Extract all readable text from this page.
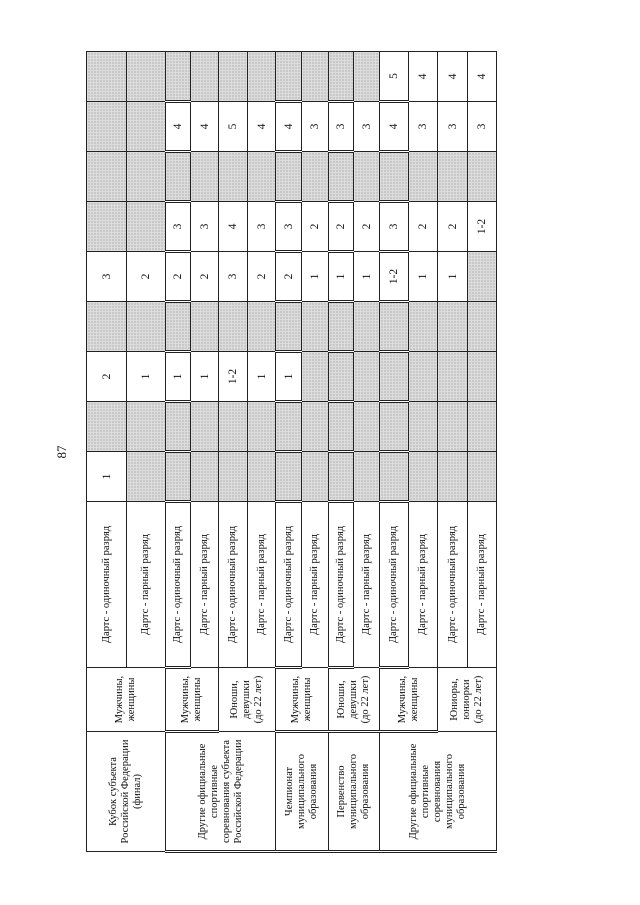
87
Кубок субъекта Российской Федерации (финал)	Мужчины, женщины	Дартс - одиночный разряд	1		2		3				
		Дартс - парный разряд			1		2				
Другие официальные спортивные соревнования субъекта Российской Федерации	Мужчины, женщины	Дартс - одиночный разряд			1		2	3		4	
		Дартс - парный разряд			1		2	3		4	
	Юноши, девушки (до 22 лет)	Дартс - одиночный разряд			1-2		3	4		5	
		Дартс - парный разряд			1		2	3		4	
Чемпионат муниципального образования	Мужчины, женщины	Дартс - одиночный разряд			1		2	3		4	
		Дартс - парный разряд					1	2		3	
Первенство муниципального образования	Юноши, девушки (до 22 лет)	Дартс - одиночный разряд					1	2		3	
		Дартс - парный разряд					1	2		3	
Другие официальные спортивные соревнования муниципального образования	Мужчины, женщины	Дартс - одиночный разряд					1-2	3		4	5
		Дартс - парный разряд					1	2		3	4
	Юниоры, юниорки (до 22 лет)	Дартс - одиночный разряд					1	2		3	4
		Дартс - парный разряд						1-2		3	4
